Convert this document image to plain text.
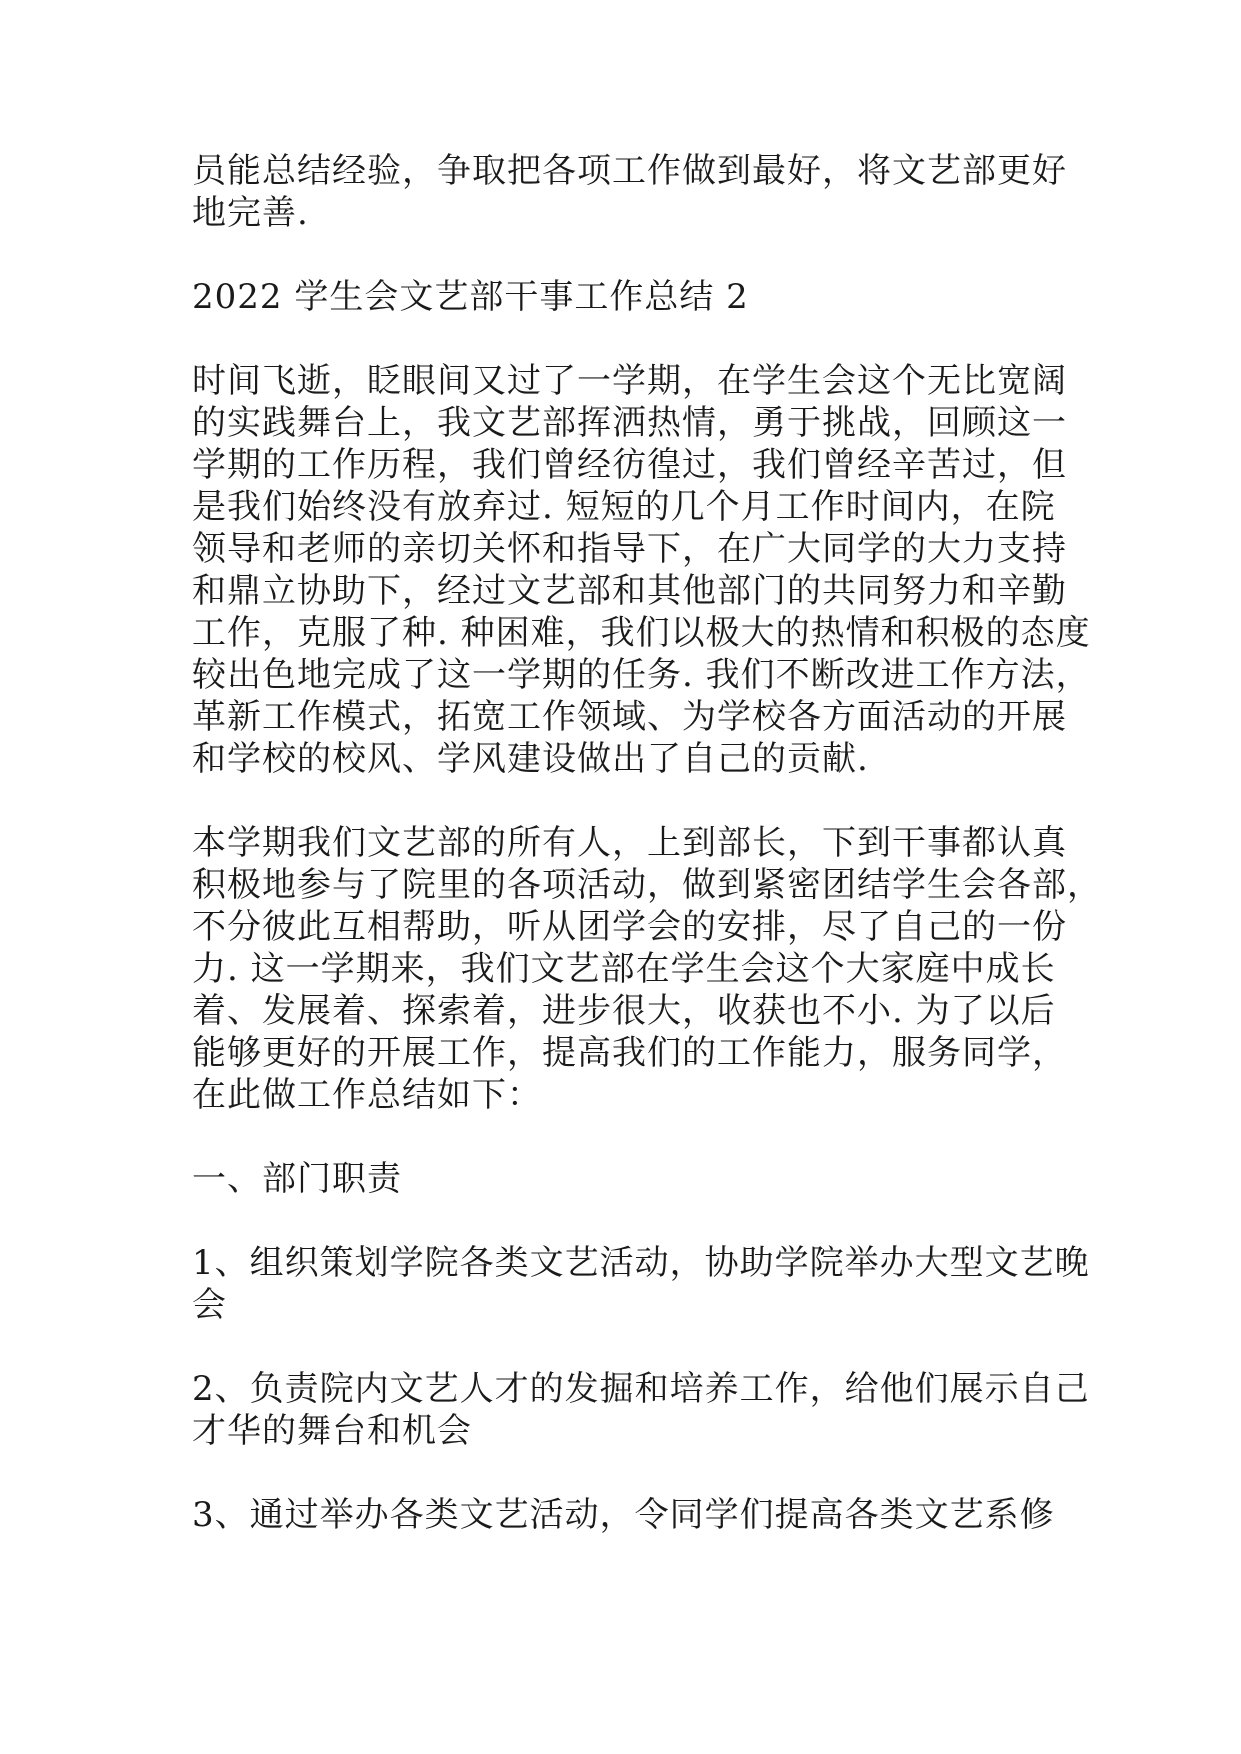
员能总结经验，争取把各项工作做到最好，将文艺部更好
地完善.

2022 学生会文艺部干事工作总结 2

时间飞逝，眨眼间又过了一学期，在学生会这个无比宽阔
的实践舞台上，我文艺部挥洒热情，勇于挑战，回顾这一
学期的工作历程，我们曾经彷徨过，我们曾经辛苦过，但
是我们始终没有放弃过. 短短的几个月工作时间内，在院
领导和老师的亲切关怀和指导下，在广大同学的大力支持
和鼎立协助下，经过文艺部和其他部门的共同努力和辛勤
工作，克服了种. 种困难，我们以极大的热情和积极的态度
较出色地完成了这一学期的任务. 我们不断改进工作方法，
革新工作模式，拓宽工作领域、为学校各方面活动的开展
和学校的校风、学风建设做出了自己的贡献.

本学期我们文艺部的所有人，上到部长，下到干事都认真
积极地参与了院里的各项活动，做到紧密团结学生会各部，
不分彼此互相帮助，听从团学会的安排，尽了自己的一份
力. 这一学期来，我们文艺部在学生会这个大家庭中成长
着、发展着、探索着，进步很大，收获也不小. 为了以后
能够更好的开展工作，提高我们的工作能力，服务同学，
在此做工作总结如下：

一、部门职责

1、组织策划学院各类文艺活动，协助学院举办大型文艺晚
会

2、负责院内文艺人才的发掘和培养工作，给他们展示自己
才华的舞台和机会

3、通过举办各类文艺活动，令同学们提高各类文艺系修
